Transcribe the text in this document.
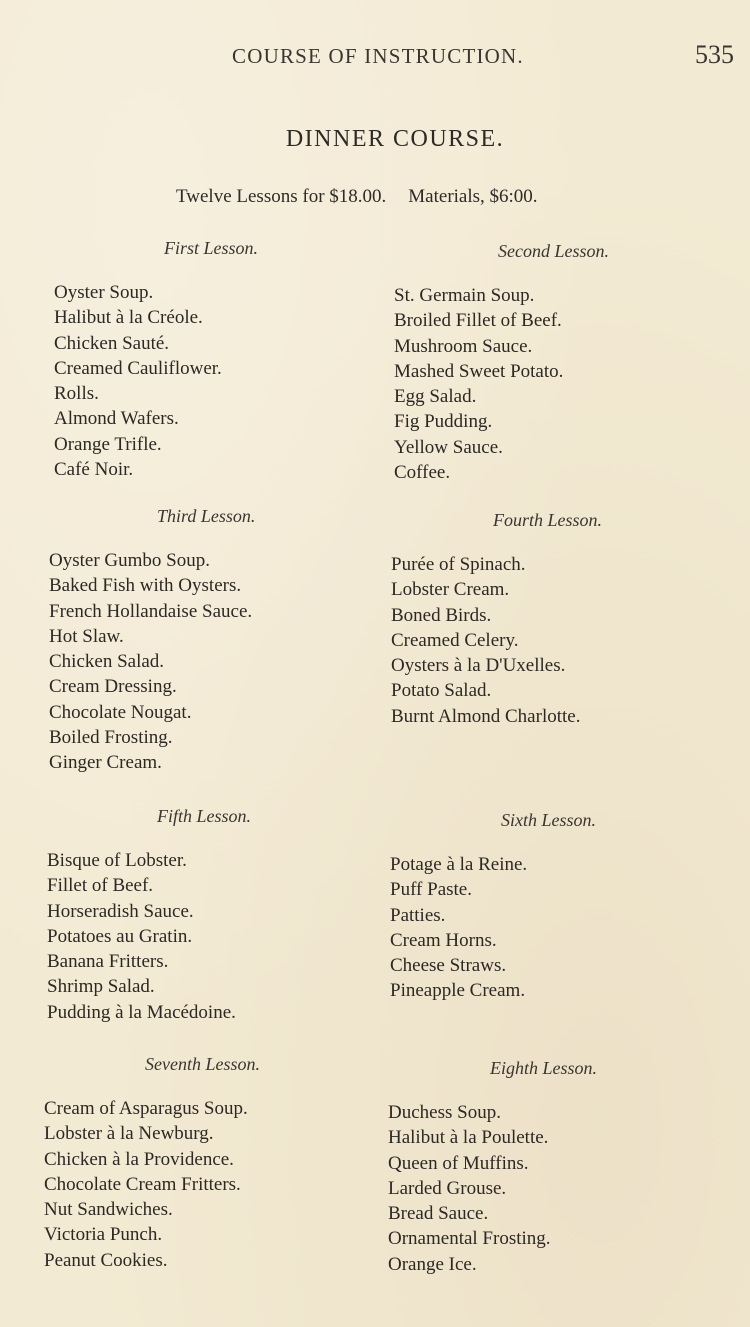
COURSE OF INSTRUCTION.	535
DINNER COURSE.
Twelve Lessons for $18.00. Materials, $6:00.
First Lesson.
Oyster Soup.
Halibut à la Créole.
Chicken Sauté.
Creamed Cauliflower.
Rolls.
Almond Wafers.
Orange Trifle.
Café Noir.
Second Lesson.
St. Germain Soup.
Broiled Fillet of Beef.
Mushroom Sauce.
Mashed Sweet Potato.
Egg Salad.
Fig Pudding.
Yellow Sauce.
Coffee.
Third Lesson.
Oyster Gumbo Soup.
Baked Fish with Oysters.
French Hollandaise Sauce.
Hot Slaw.
Chicken Salad.
Cream Dressing.
Chocolate Nougat.
Boiled Frosting.
Ginger Cream.
Fourth Lesson.
Purée of Spinach.
Lobster Cream.
Boned Birds.
Creamed Celery.
Oysters à la D'Uxelles.
Potato Salad.
Burnt Almond Charlotte.
Fifth Lesson.
Bisque of Lobster.
Fillet of Beef.
Horseradish Sauce.
Potatoes au Gratin.
Banana Fritters.
Shrimp Salad.
Pudding à la Macédoine.
Sixth Lesson.
Potage à la Reine.
Puff Paste.
Patties.
Cream Horns.
Cheese Straws.
Pineapple Cream.
Seventh Lesson.
Cream of Asparagus Soup.
Lobster à la Newburg.
Chicken à la Providence.
Chocolate Cream Fritters.
Nut Sandwiches.
Victoria Punch.
Peanut Cookies.
Eighth Lesson.
Duchess Soup.
Halibut à la Poulette.
Queen of Muffins.
Larded Grouse.
Bread Sauce.
Ornamental Frosting.
Orange Ice.
